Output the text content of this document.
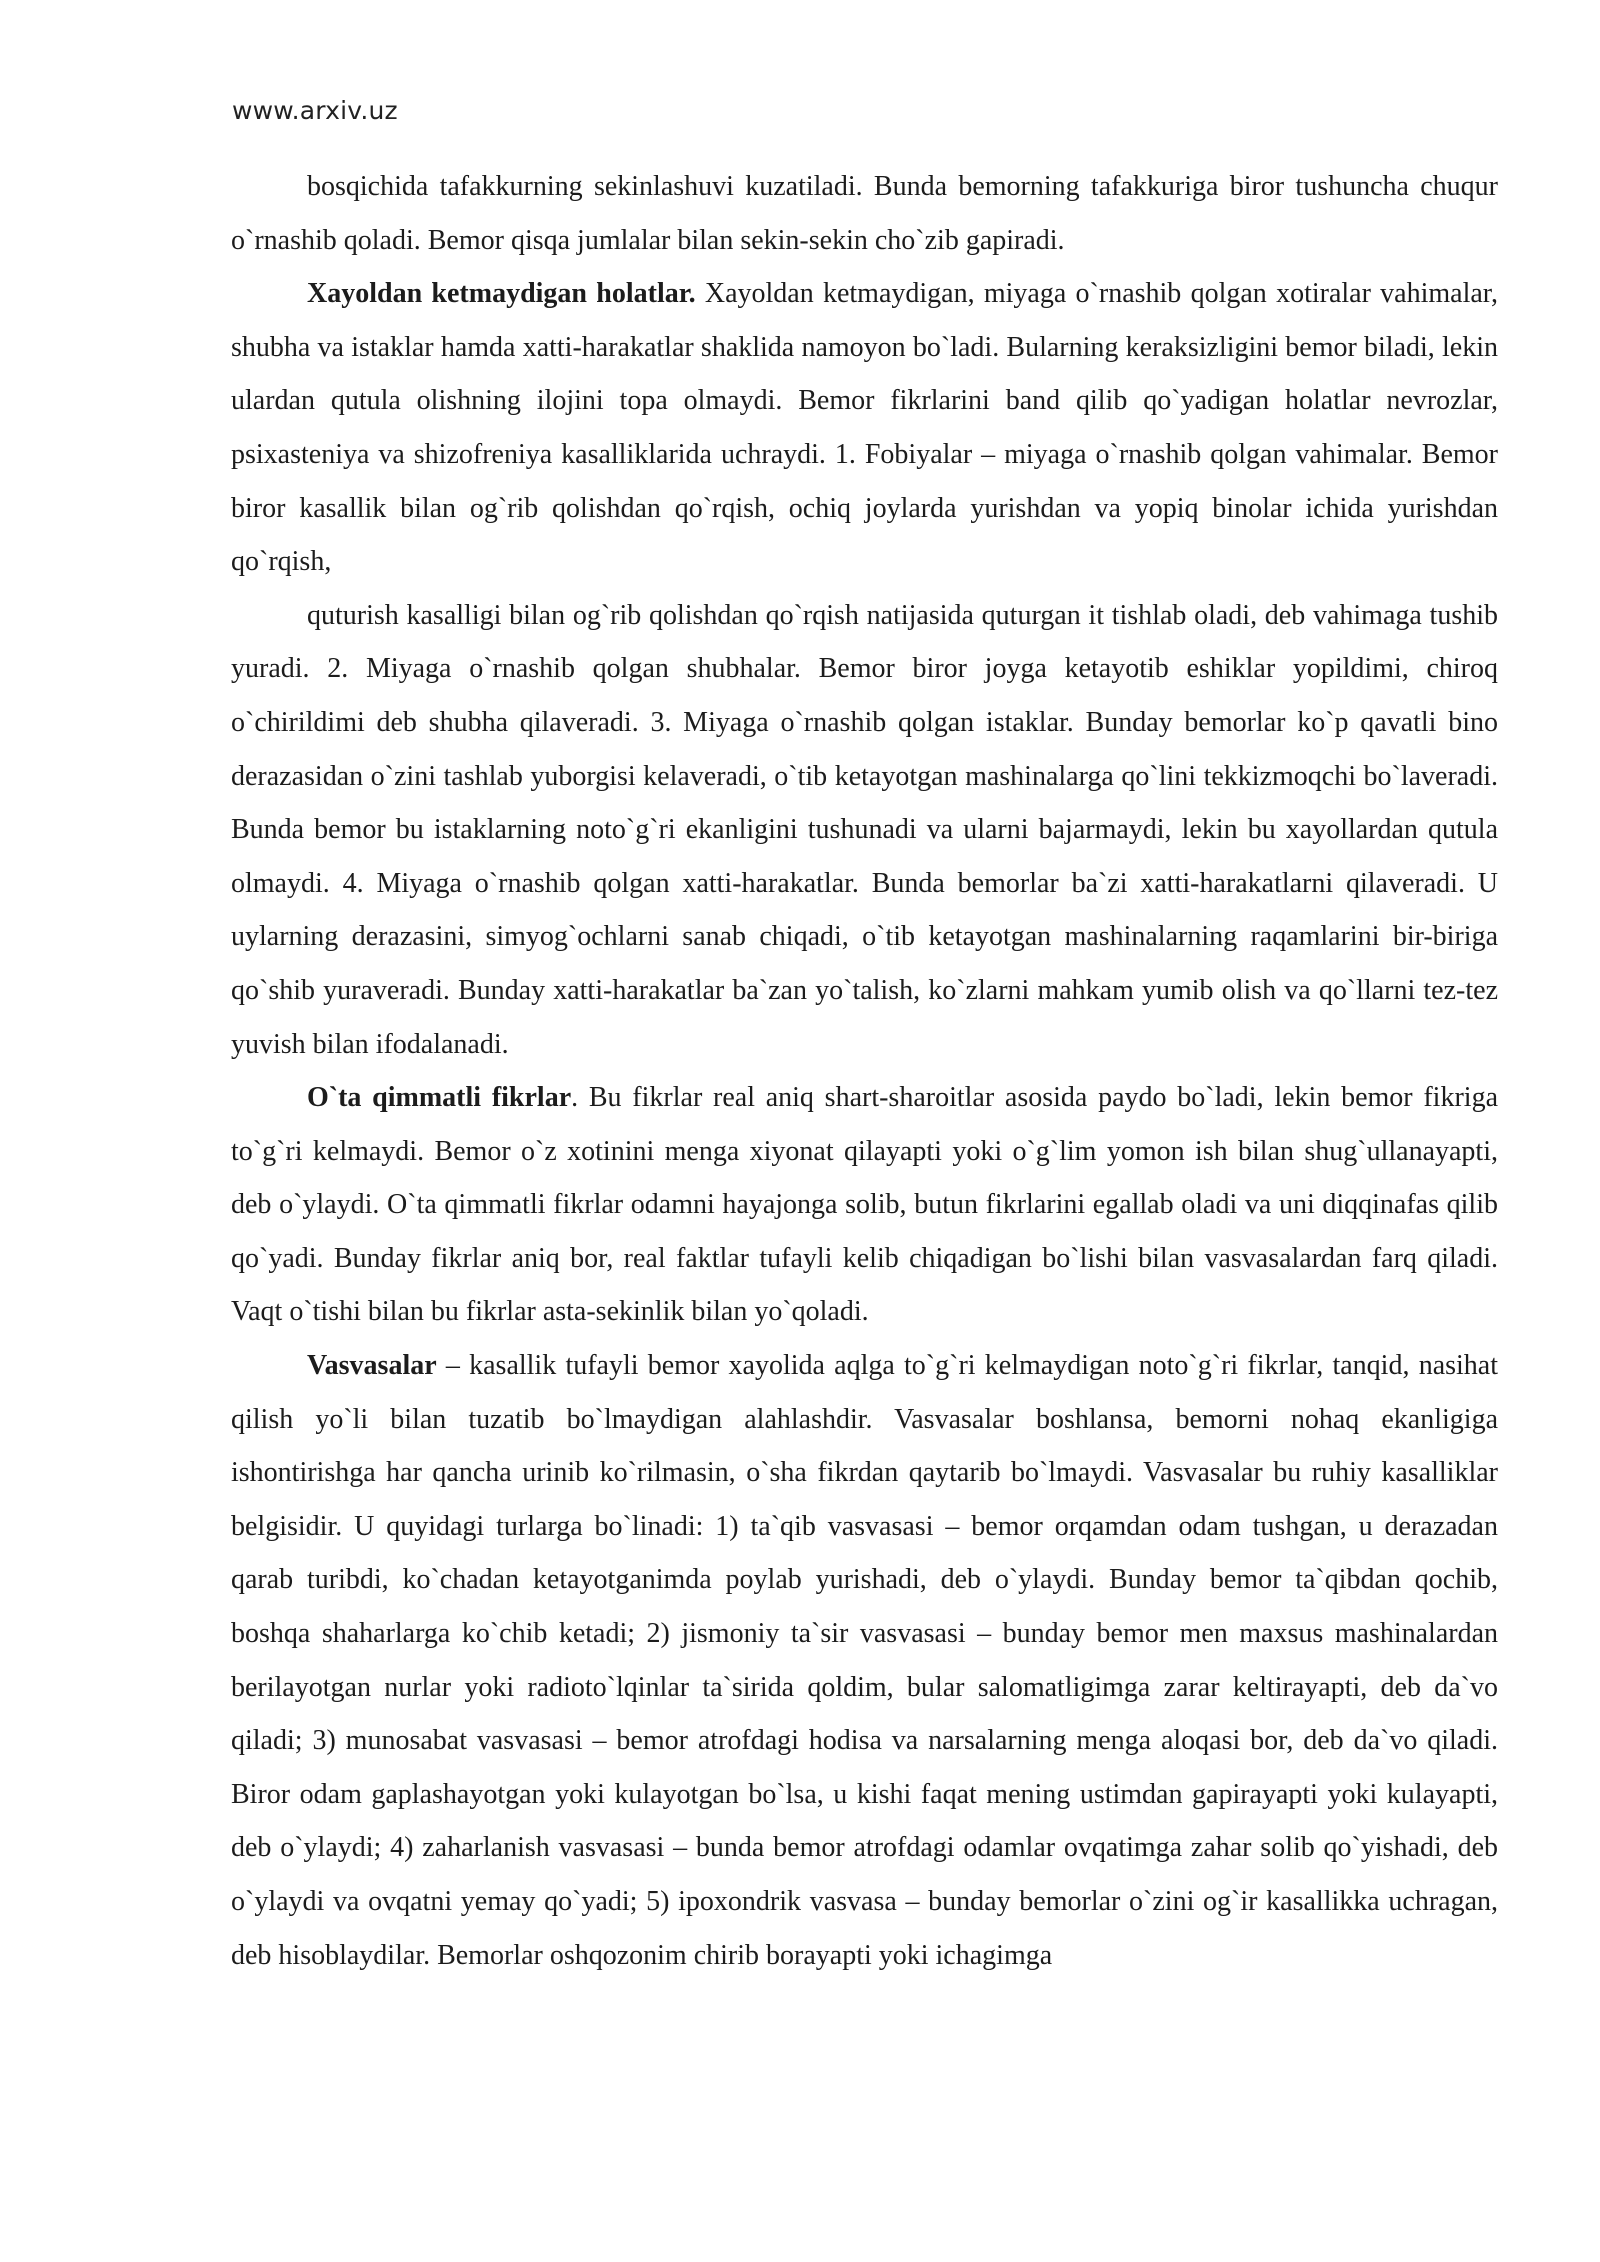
www.arxiv.uz

bosqichida tafakkurning sekinlashuvi kuzatiladi. Bunda bemorning tafakkuriga biror tushuncha chuqur o`rnashib qoladi. Bemor qisqa jumlalar bilan sekin-sekin cho`zib gapiradi.

Xayoldan ketmaydigan holatlar. Xayoldan ketmaydigan, miyaga o`rnashib qolgan xotiralar vahimalar, shubha va istaklar hamda xatti-harakatlar shaklida namoyon bo`ladi. Bularning keraksizligini bemor biladi, lekin ulardan qutula olishning ilojini topa olmaydi. Bemor fikrlarini band qilib qo`yadigan holatlar nevrozlar, psixasteniya va shizofreniya kasalliklarida uchraydi. 1. Fobiyalar – miyaga o`rnashib qolgan vahimalar. Bemor biror kasallik bilan og`rib qolishdan qo`rqish, ochiq joylarda yurishdan va yopiq binolar ichida yurishdan qo`rqish,

quturish kasalligi bilan og`rib qolishdan qo`rqish natijasida quturgan it tishlab oladi, deb vahimaga tushib yuradi. 2. Miyaga o`rnashib qolgan shubhalar. Bemor biror joyga ketayotib eshiklar yopildimi, chiroq o`chirildimi deb shubha qilaveradi. 3. Miyaga o`rnashib qolgan istaklar. Bunday bemorlar ko`p qavatli bino derazasidan o`zini tashlab yuborgisi kelaveradi, o`tib ketayotgan mashinalarga qo`lini tekkizmoqchi bo`laveradi. Bunda bemor bu istaklarning noto`g`ri ekanligini tushunadi va ularni bajarmaydi, lekin bu xayollardan qutula olmaydi. 4. Miyaga o`rnashib qolgan xatti-harakatlar. Bunda bemorlar ba`zi xatti-harakatlarni qilaveradi. U uylarning derazasini, simyog`ochlarni sanab chiqadi, o`tib ketayotgan mashinalarning raqamlarini bir-biriga qo`shib yuraveradi. Bunday xatti-harakatlar ba`zan yo`talish, ko`zlarni mahkam yumib olish va qo`llarni tez-tez yuvish bilan ifodalanadi.

O`ta qimmatli fikrlar. Bu fikrlar real aniq shart-sharoitlar asosida paydo bo`ladi, lekin bemor fikriga to`g`ri kelmaydi. Bemor o`z xotinini menga xiyonat qilayapti yoki o`g`lim yomon ish bilan shug`ullanayapti, deb o`ylaydi. O`ta qimmatli fikrlar odamni hayajonga solib, butun fikrlarini egallab oladi va uni diqqinafas qilib qo`yadi. Bunday fikrlar aniq bor, real faktlar tufayli kelib chiqadigan bo`lishi bilan vasvasalardan farq qiladi. Vaqt o`tishi bilan bu fikrlar asta-sekinlik bilan yo`qoladi.

Vasvasalar – kasallik tufayli bemor xayolida aqlga to`g`ri kelmaydigan noto`g`ri fikrlar, tanqid, nasihat qilish yo`li bilan tuzatib bo`lmaydigan alahlashdir. Vasvasalar boshlansa, bemorni nohaq ekanligiga ishontirishga har qancha urinib ko`rilmasin, o`sha fikrdan qaytarib bo`lmaydi. Vasvasalar bu ruhiy kasalliklar belgisidir. U quyidagi turlarga bo`linadi: 1) ta`qib vasvasasi – bemor orqamdan odam tushgan, u derazadan qarab turibdi, ko`chadan ketayotganimda poylab yurishadi, deb o`ylaydi. Bunday bemor ta`qibdan qochib, boshqa shaharlarga ko`chib ketadi; 2) jismoniy ta`sir vasvasasi – bunday bemor men maxsus mashinalardan berilayotgan nurlar yoki radioto`lqinlar ta`sirida qoldim, bular salomatligimga zarar keltirayapti, deb da`vo qiladi; 3) munosabat vasvasasi – bemor atrofdagi hodisa va narsalarning menga aloqasi bor, deb da`vo qiladi. Biror odam gaplashayotgan yoki kulayotgan bo`lsa, u kishi faqat mening ustimdan gapirayapti yoki kulayapti, deb o`ylaydi; 4) zaharlanish vasvasasi – bunda bemor atrofdagi odamlar ovqatimga zahar solib qo`yishadi, deb o`ylaydi va ovqatni yemay qo`yadi; 5) ipoxondrik vasvasa – bunday bemorlar o`zini og`ir kasallikka uchragan, deb hisoblaydilar. Bemorlar oshqozonim chirib borayapti yoki ichagimga
